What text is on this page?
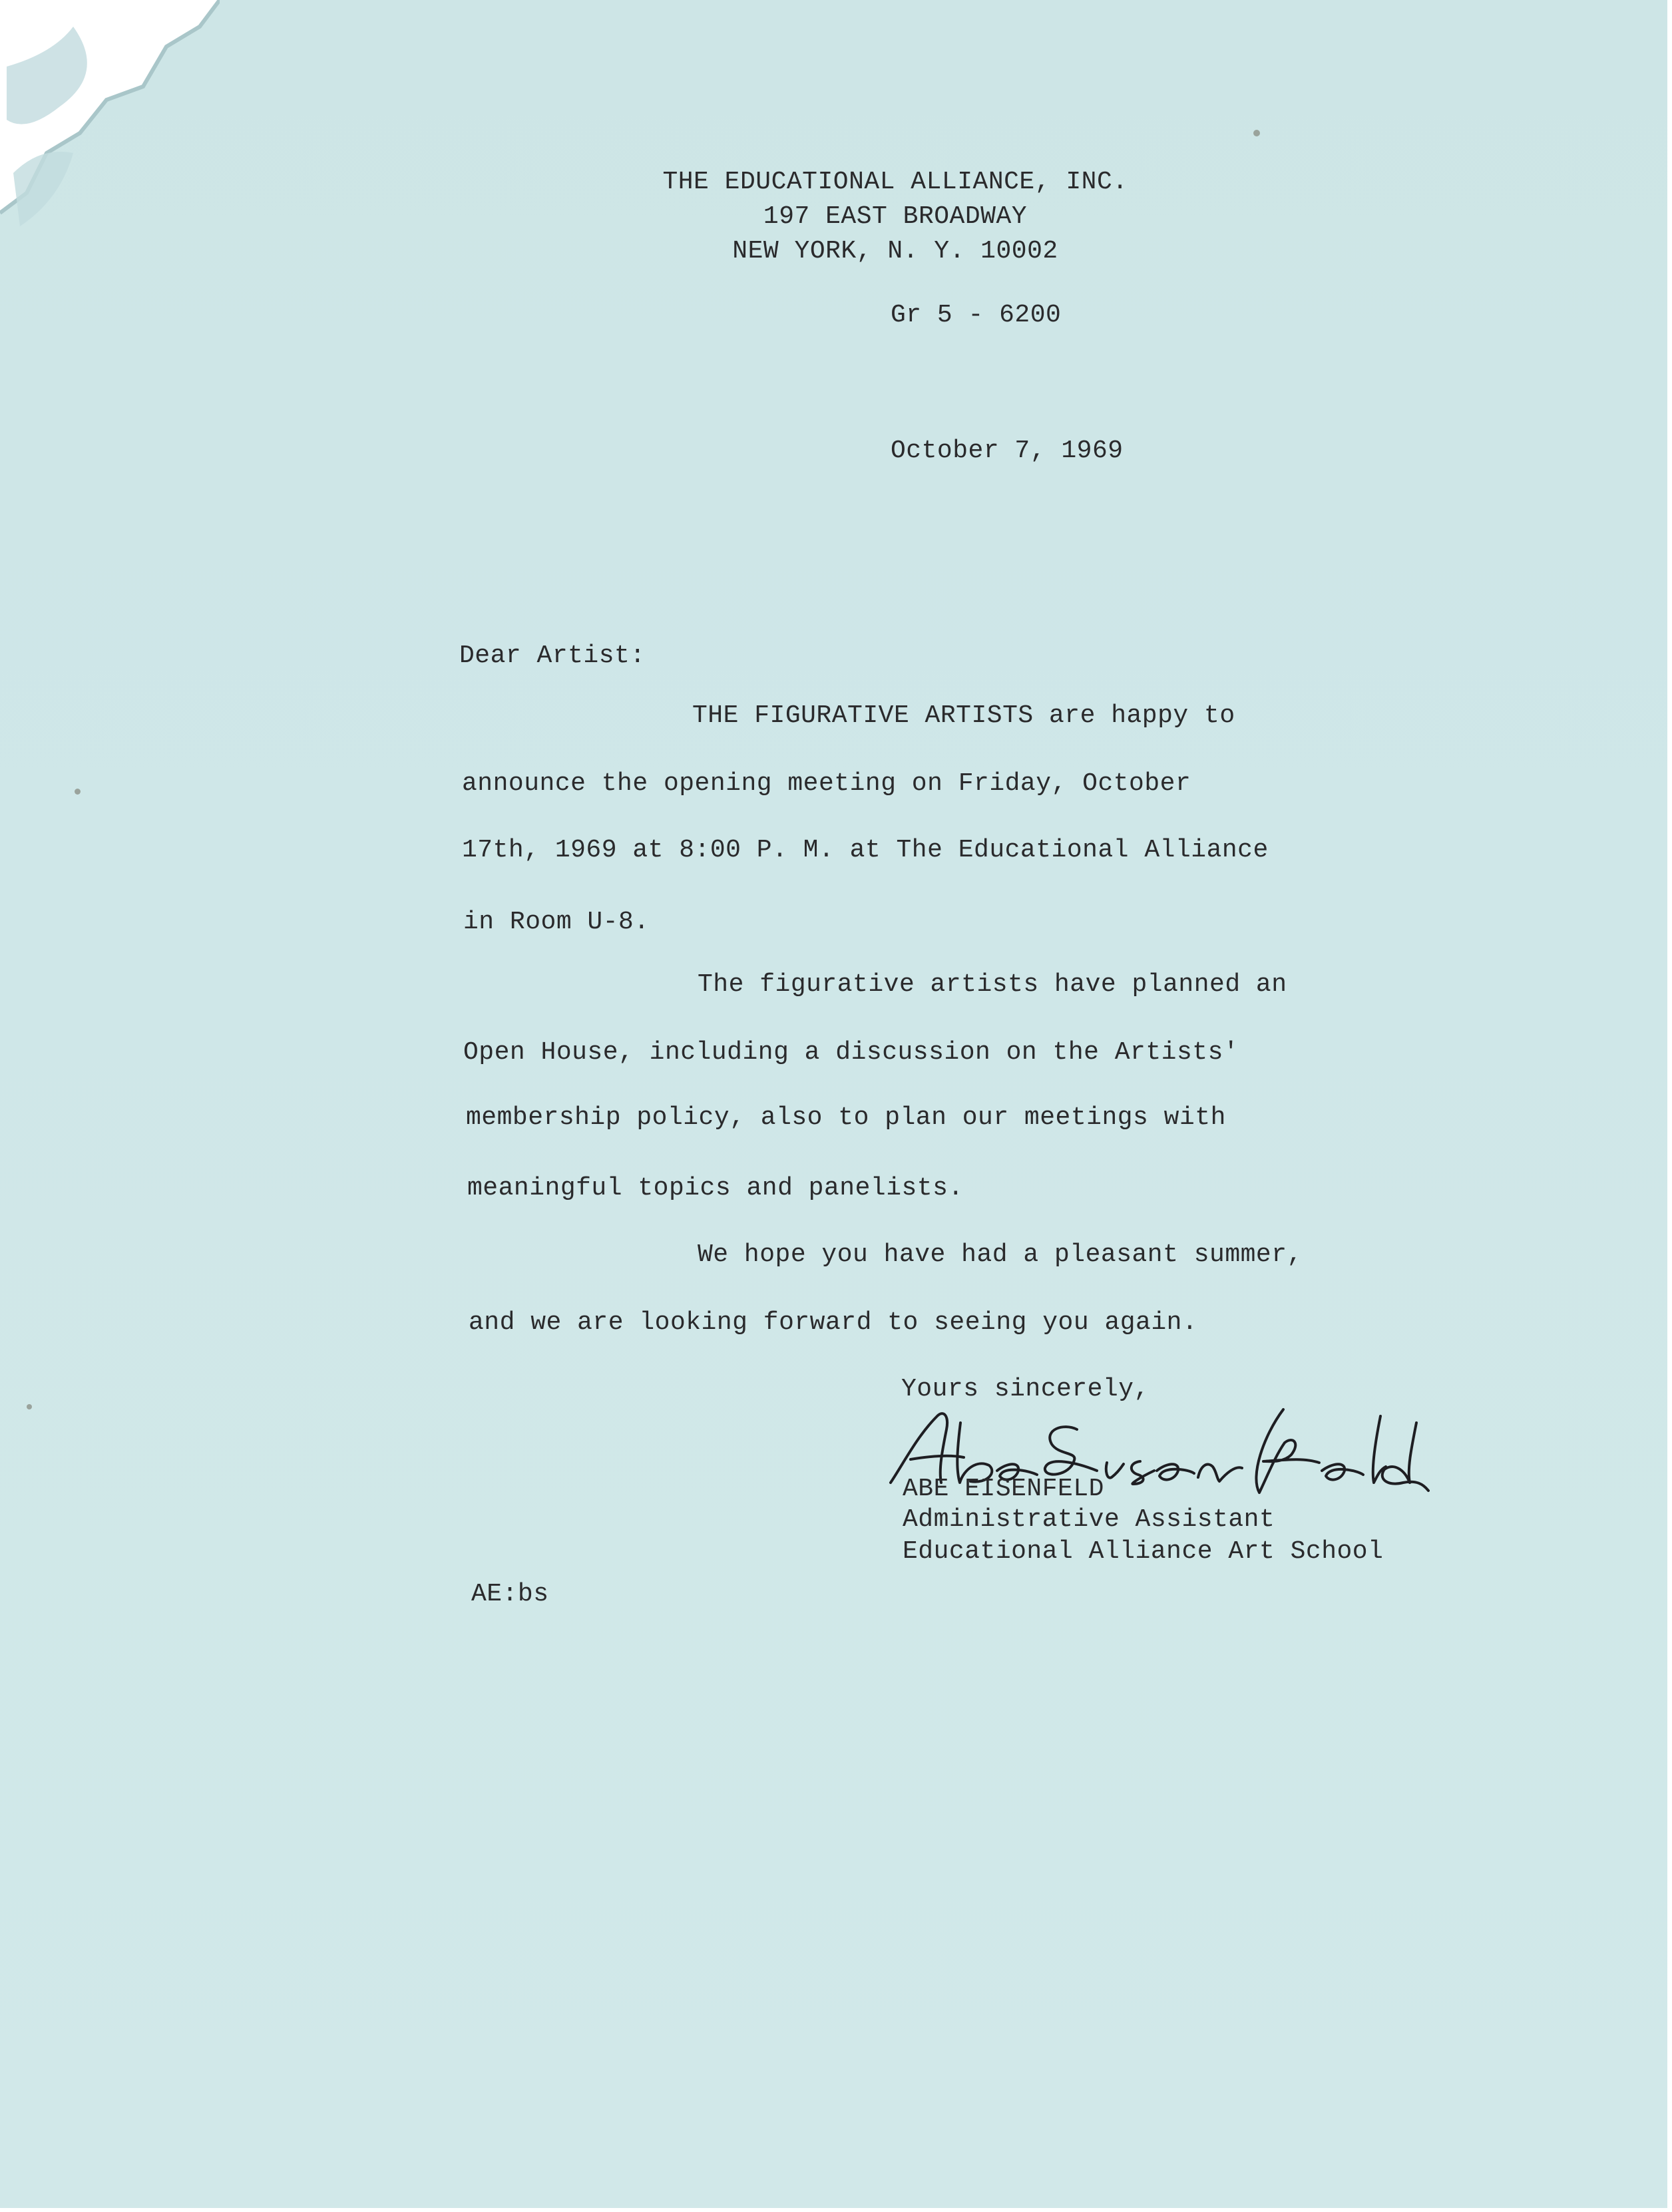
THE EDUCATIONAL ALLIANCE, INC.
197 EAST BROADWAY
NEW YORK, N. Y. 10002
Gr 5 - 6200
October 7, 1969
Dear Artist:
THE FIGURATIVE ARTISTS are happy to
announce the opening meeting on Friday, October
17th, 1969 at 8:00 P. M. at The Educational Alliance
in Room U-8.
The figurative artists have planned an
Open House, including a discussion on the Artists'
membership policy, also to plan our meetings with
meaningful topics and panelists.
We hope you have had a pleasant summer,
and we are looking forward to seeing you again.
Yours sincerely,
ABE EISENFELD
Administrative Assistant
Educational Alliance Art School
AE:bs
